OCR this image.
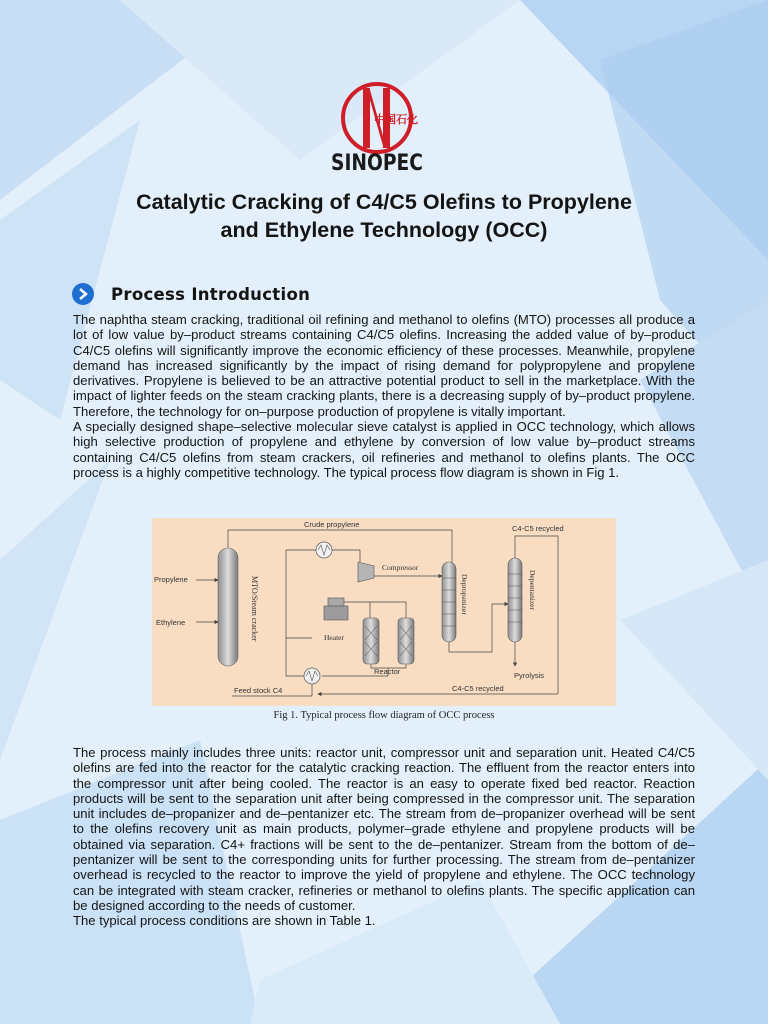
中国石化
SINOPEC
Catalytic Cracking of C4/C5 Olefins to Propylene
and Ethylene Technology (OCC)
Process Introduction
The naphtha steam cracking, traditional oil refining and methanol to olefins (MTO) processes all produce a lot of low value by–product streams containing C4/C5 olefins. Increasing the added value of by–product C4/C5 olefins will significantly improve the economic efficiency of these processes. Meanwhile, propylene demand has increased significantly by the impact of rising demand for polypropylene and propylene derivatives. Propylene is believed to be an attractive potential product to sell in the marketplace. With the impact of lighter feeds on the steam cracking plants, there is a decreasing supply of by–product propylene. Therefore, the technology for on–purpose production of propylene is vitally important.
A specially designed shape–selective molecular sieve catalyst is applied in OCC technology, which allows high selective production of propylene and ethylene by conversion of low value by–product streams containing C4/C5 olefins from steam crackers, oil refineries and methanol to olefins plants. The OCC process is a highly competitive technology. The typical process flow diagram is shown in Fig 1.
MTO/Steam cracker
Propylene
Ethylene
Crude propylene
Compressor
Heater
Reactor
Feed stock C4
Depropanizer	Depentanizer
C4-C5 recycled
Pyrolysis
C4-C5 recycled
Fig 1. Typical process flow diagram of OCC process
The process mainly includes three units: reactor unit, compressor unit and separation unit. Heated C4/C5 olefins are fed into the reactor for the catalytic cracking reaction. The effluent from the reactor enters into the compressor unit after being cooled. The reactor is an easy to operate fixed bed reactor. Reaction products will be sent to the separation unit after being compressed in the compressor unit. The separation unit includes de–propanizer and de–pentanizer etc. The stream from de–propanizer overhead will be sent to the olefins recovery unit as main products, polymer–grade ethylene and propylene products will be obtained via separation. C4+ fractions will be sent to the de–pentanizer. Stream from the bottom of de–pentanizer will be sent to the corresponding units for further processing. The stream from de–pentanizer overhead is recycled to the reactor to improve the yield of propylene and ethylene. The OCC technology can be integrated with steam cracker, refineries or methanol to olefins plants. The specific application can be designed according to the needs of customer.
The typical process conditions are shown in Table 1.
